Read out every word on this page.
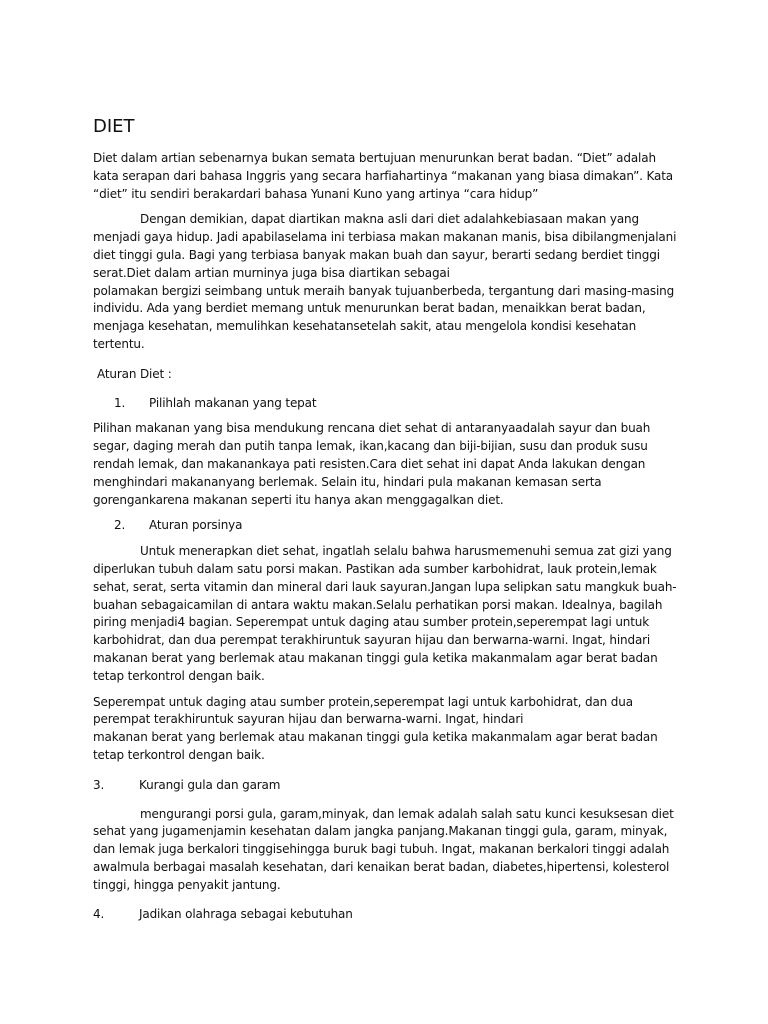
DIET

Diet dalam arti̇an sebenarnya bukan semata bertujuan menurunkan berat badan. “Diet” adalah kata serapan dari bahasa Inggris yang secara harfi̇ahartinya “makanan yang biasa dimakan”. Kata “diet” itu sendiri berakardari bahasa Yunani Kuno yang arti̇nya “cara hidup”

Dengan demikian, dapat diarti̇kan makna asli dari diet adalahkebiasaan makan yang menjadi gaya hidup. Jadi apabilaselama ini terbiasa makan makanan manis, bisa dibilangmenjalani diet ti̇nggi gula. Bagi yang terbiasa banyak makan buah dan sayur, berarti̇ sedang berdiet ti̇nggi serat.Diet dalam arti̇an murninya juga bisa diarti̇kan sebagai

polamakan bergizi seimbang untuk meraih banyak tujuanberbeda, tergantung dari masing-masing individu. Ada yang berdiet memang untuk menurunkan berat badan, menaikkan berat badan, menjaga kesehatan, memulihkan kesehatansetelah sakit, atau mengelola kondisi kesehatan tertentu.

Aturan Diet :

1.	Pilihlah makanan yang tepat

Pilihan makanan yang bisa mendukung rencana diet sehat di antaranyaadalah sayur dan buah segar, daging merah dan puti̇h tanpa lemak, ikan,kacang dan biji-bijian, susu dan produk susu rendah lemak, dan makanankaya pati̇ resisten.Cara diet sehat ini dapat Anda lakukan dengan menghindari makananyang berlemak. Selain itu, hindari pula makanan kemasan serta gorengankarena makanan seperti̇ itu hanya akan menggagalkan diet.

2.	Aturan porsinya

Untuk menerapkan diet sehat, ingatlah selalu bahwa harusmemenuhi semua zat gizi yang diperlukan tubuh dalam satu porsi makan. Pasti̇kan ada sumber karbohidrat, lauk protein,lemak sehat, serat, serta vitamin dan mineral dari lauk sayuran.Jangan lupa selipkan satu mangkuk buah-buahan sebagaicamilan di antara waktu makan.Selalu perhati̇kan porsi makan. Idealnya, bagilah piring menjadi4 bagian. Seperempat untuk daging atau sumber protein,seperempat lagi untuk karbohidrat, dan dua perempat terakhiruntuk sayuran hijau dan berwarna-warni. Ingat, hindari makanan berat yang berlemak atau makanan ti̇nggi gula keti̇ka makanmalam agar berat badan tetap terkontrol dengan baik.

Seperempat untuk daging atau sumber protein,seperempat lagi untuk karbohidrat, dan dua perempat terakhiruntuk sayuran hijau dan berwarna-warni. Ingat, hindari

makanan berat yang berlemak atau makanan ti̇nggi gula keti̇ka makanmalam agar berat badan tetap terkontrol dengan baik.

3.	Kurangi gula dan garam

mengurangi porsi gula, garam,minyak, dan lemak adalah salah satu kunci kesuksesan diet sehat yang jugamenjamin kesehatan dalam jangka panjang.Makanan ti̇nggi gula, garam, minyak, dan lemak juga berkalori ti̇nggisehingga buruk bagi tubuh. Ingat, makanan berkalori ti̇nggi adalah awalmula berbagai masalah kesehatan, dari kenaikan berat badan, diabetes,hipertensi, kolesterol ti̇nggi, hingga penyakit jantung.

4.	Jadikan olahraga sebagai kebutuhan
